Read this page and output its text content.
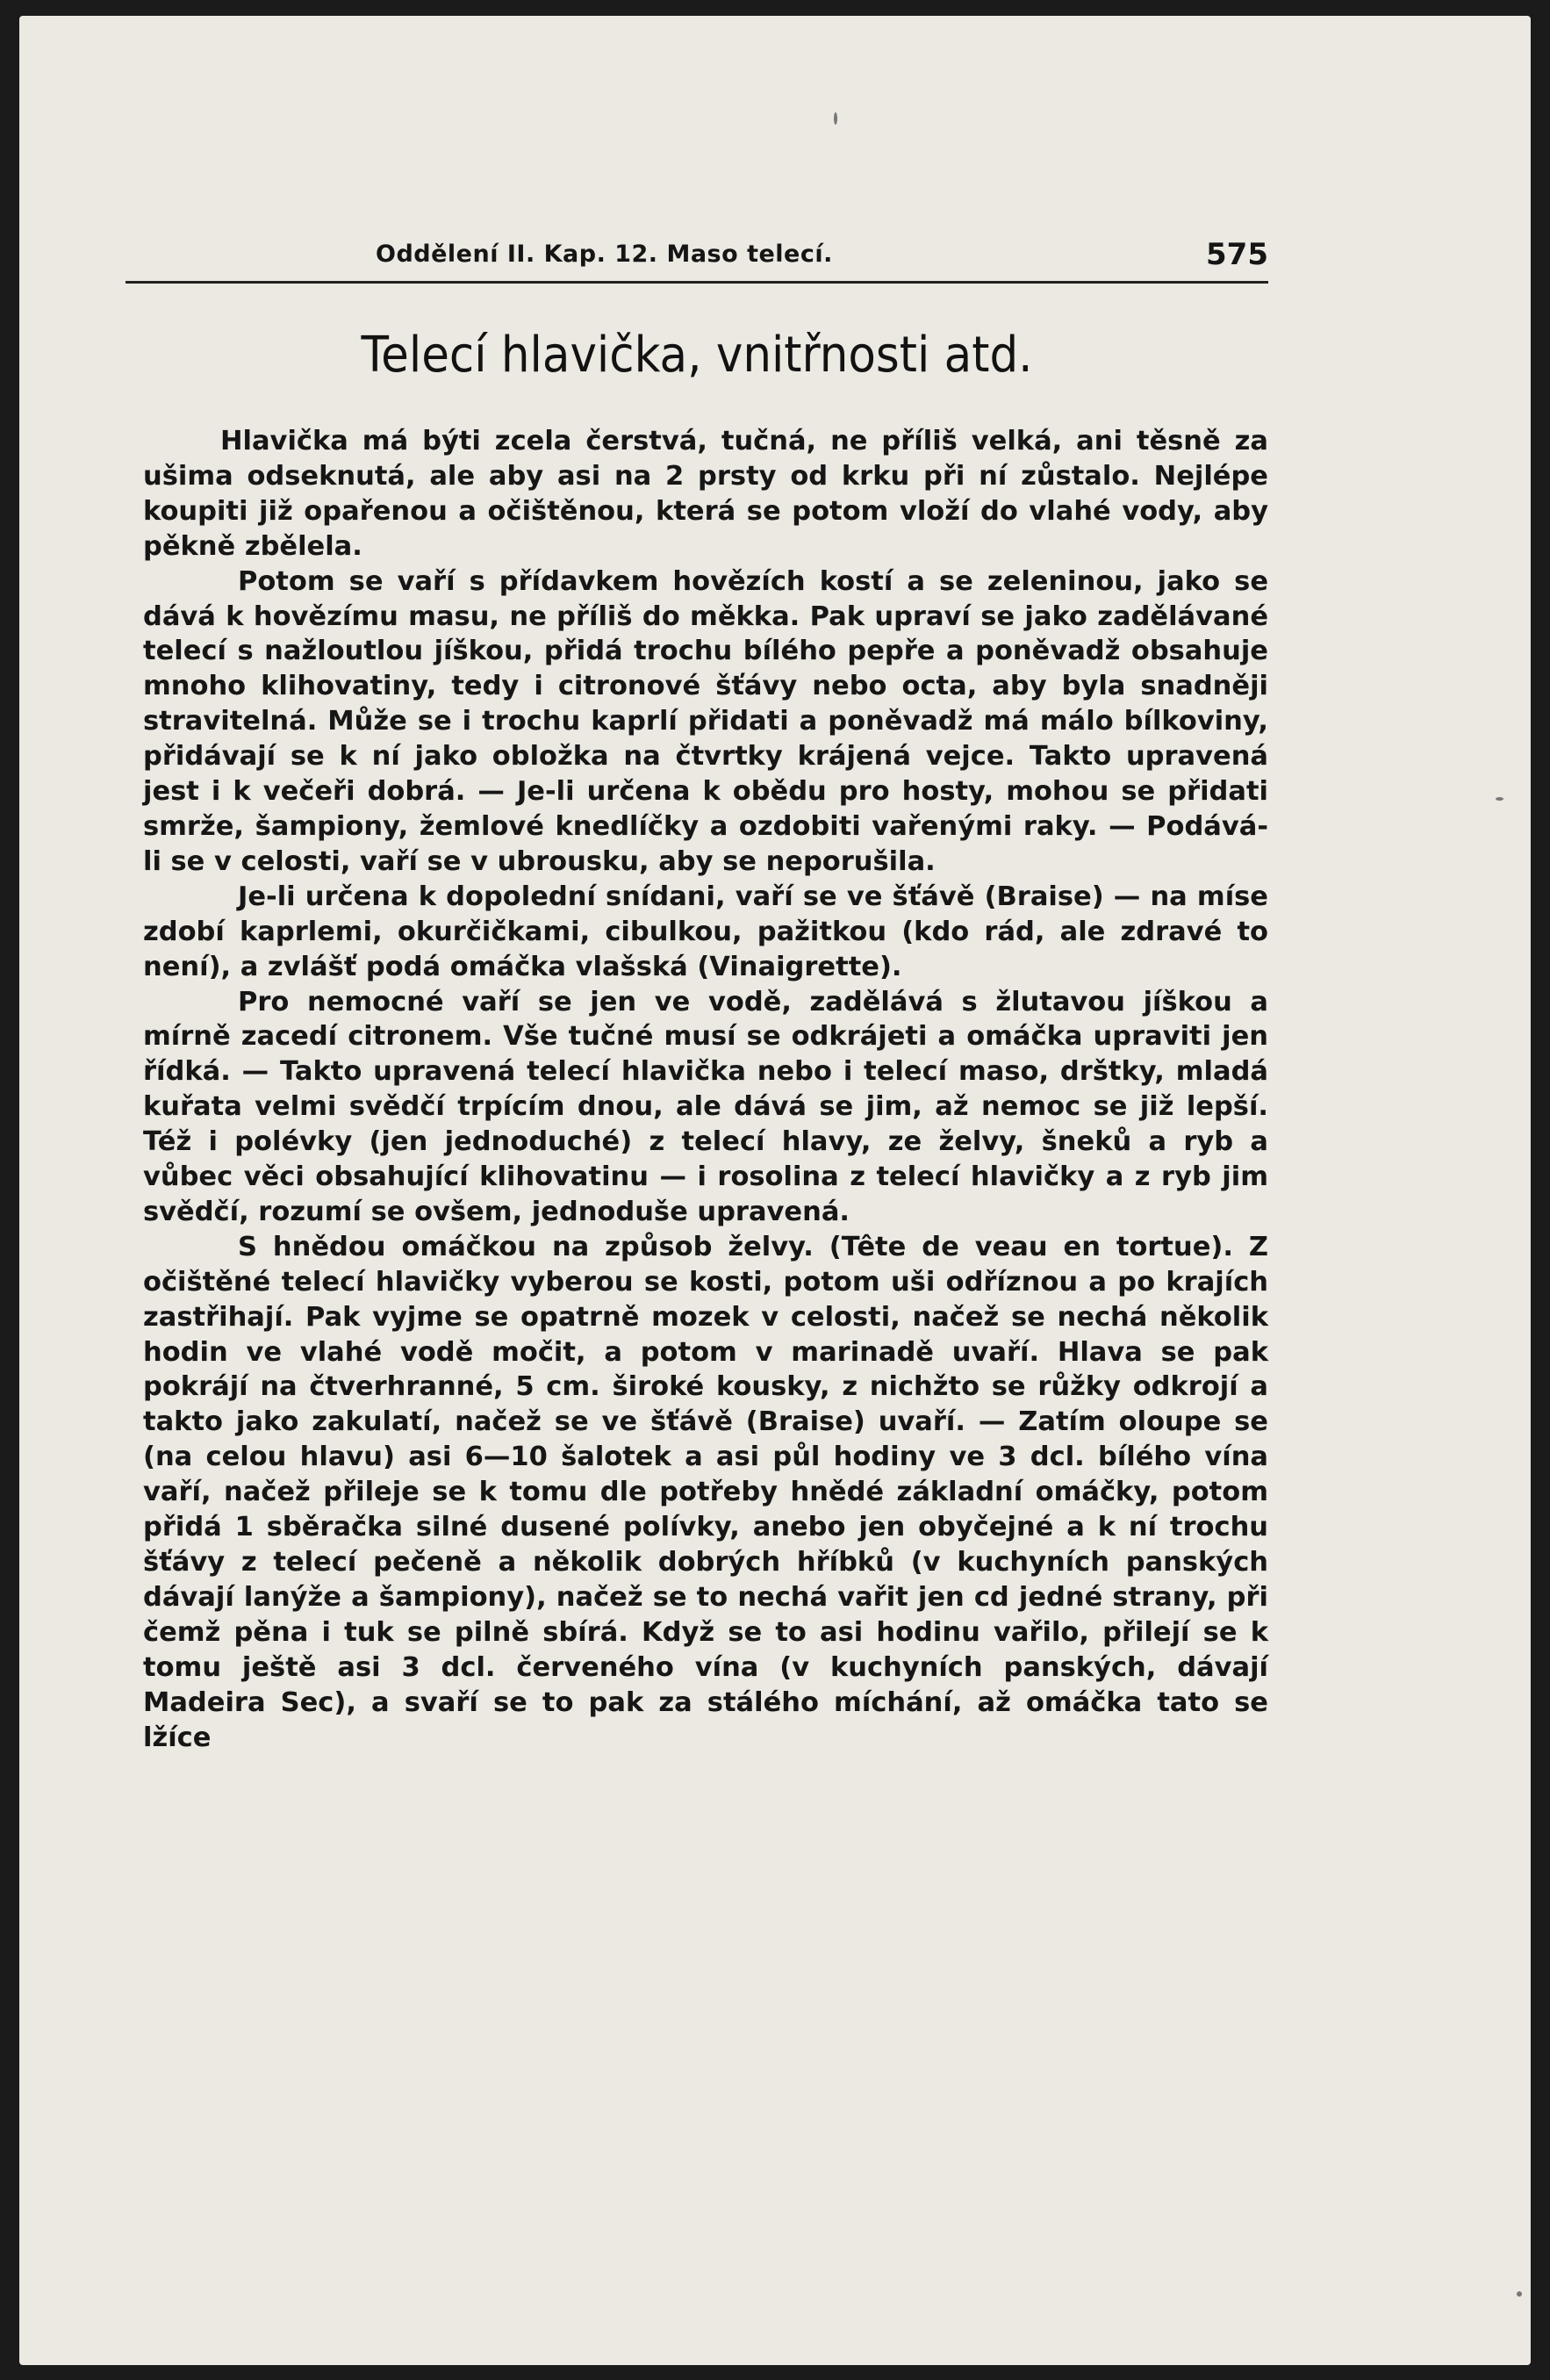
Oddělení II. Kap. 12. Maso telecí.	575
Telecí hlavička, vnitřnosti atd.

Hlavička má býti zcela čerstvá, tučná, ne příliš velká, ani těsně za ušima odseknutá, ale aby asi na 2 prsty od krku při ní zůstalo. Nejlépe koupiti již opařenou a očištěnou, která se potom vloží do vlahé vody, aby pěkně zbělela.

Potom se vaří s přídavkem hovězích kostí a se zeleninou, jako se dává k hovězímu masu, ne příliš do měkka. Pak upraví se jako zadělávané telecí s nažloutlou jíškou, přidá trochu bílého pepře a poněvadž obsahuje mnoho klihovatiny, tedy i citronové šťávy nebo octa, aby byla snadněji stravitelná. Může se i trochu kaprlí přidati a poněvadž má málo bílkoviny, přidávají se k ní jako obložka na čtvrtky krájená vejce. Takto upravená jest i k večeři dobrá. — Je-li určena k obědu pro hosty, mohou se přidati smrže, šampiony, žemlové knedlíčky a ozdobiti vařenými raky. — Podává-li se v celosti, vaří se v ubrousku, aby se neporušila.

Je-li určena k dopolední snídani, vaří se ve šťávě (Braise) — na míse zdobí kaprlemi, okurčičkami, cibulkou, pažitkou (kdo rád, ale zdravé to není), a zvlášť podá omáčka vlašská (Vinaigrette).

Pro nemocné vaří se jen ve vodě, zadělává s žlutavou jíškou a mírně zacedí citronem. Vše tučné musí se odkrájeti a omáčka upraviti jen řídká. — Takto upravená telecí hlavička nebo i telecí maso, drštky, mladá kuřata velmi svědčí trpícím dnou, ale dává se jim, až nemoc se již lepší. Též i polévky (jen jednoduché) z telecí hlavy, ze želvy, šneků a ryb a vůbec věci obsahující klihovatinu — i rosolina z telecí hlavičky a z ryb jim svědčí, rozumí se ovšem, jednoduše upravená.

S hnědou omáčkou na způsob želvy. (Tête de veau en tortue). Z očištěné telecí hlavičky vyberou se kosti, potom uši odříznou a po krajích zastřihají. Pak vyjme se opatrně mozek v celosti, načež se nechá několik hodin ve vlahé vodě močit, a potom v marinadě uvaří. Hlava se pak pokrájí na čtverhranné, 5 cm. široké kousky, z nichžto se růžky odkrojí a takto jako zakulatí, načež se ve šťávě (Braise) uvaří. — Zatím oloupe se (na celou hlavu) asi 6—10 šalotek a asi půl hodiny ve 3 dcl. bílého vína vaří, načež přileje se k tomu dle potřeby hnědé základní omáčky, potom přidá 1 sběračka silné dusené polívky, anebo jen obyčejné a k ní trochu šťávy z telecí pečeně a několik dobrých hříbků (v kuchyních panských dávají lanýže a šampiony), načež se to nechá vařit jen cd jedné strany, při čemž pěna i tuk se pilně sbírá. Když se to asi hodinu vařilo, přilejí se k tomu ještě asi 3 dcl. červeného vína (v kuchyních panských, dávají Madeira Sec), a svaří se to pak za stálého míchání, až omáčka tato se lžíce
